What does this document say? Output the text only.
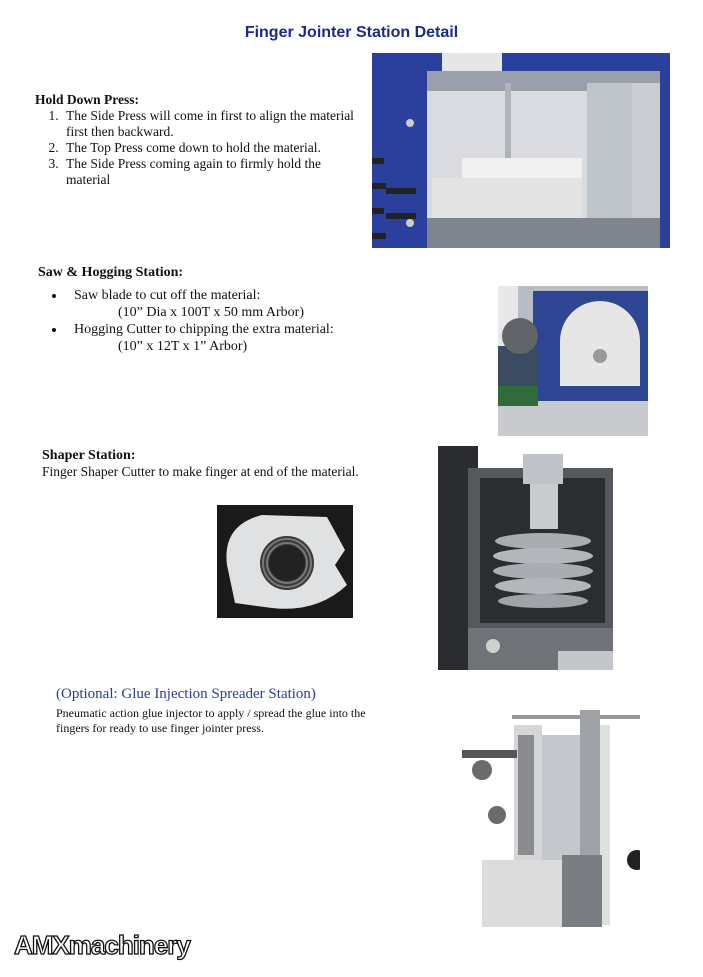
Finger Jointer Station Detail
Hold Down Press:
1. The Side Press will come in first to align the material first then backward.
2. The Top Press come down to hold the material.
3. The Side Press coming again to firmly hold the material
Saw & Hogging Station:
• Saw blade to cut off the material:
(10” Dia x 100T x 50 mm Arbor)
• Hogging Cutter to chipping the extra material:
(10” x 12T x 1” Arbor)
Shaper Station:
Finger Shaper Cutter to make finger at end of the material.
(Optional: Glue Injection Spreader Station)
Pneumatic action glue injector to apply / spread the glue into the fingers for ready to use finger jointer press.
AMXmachinery
